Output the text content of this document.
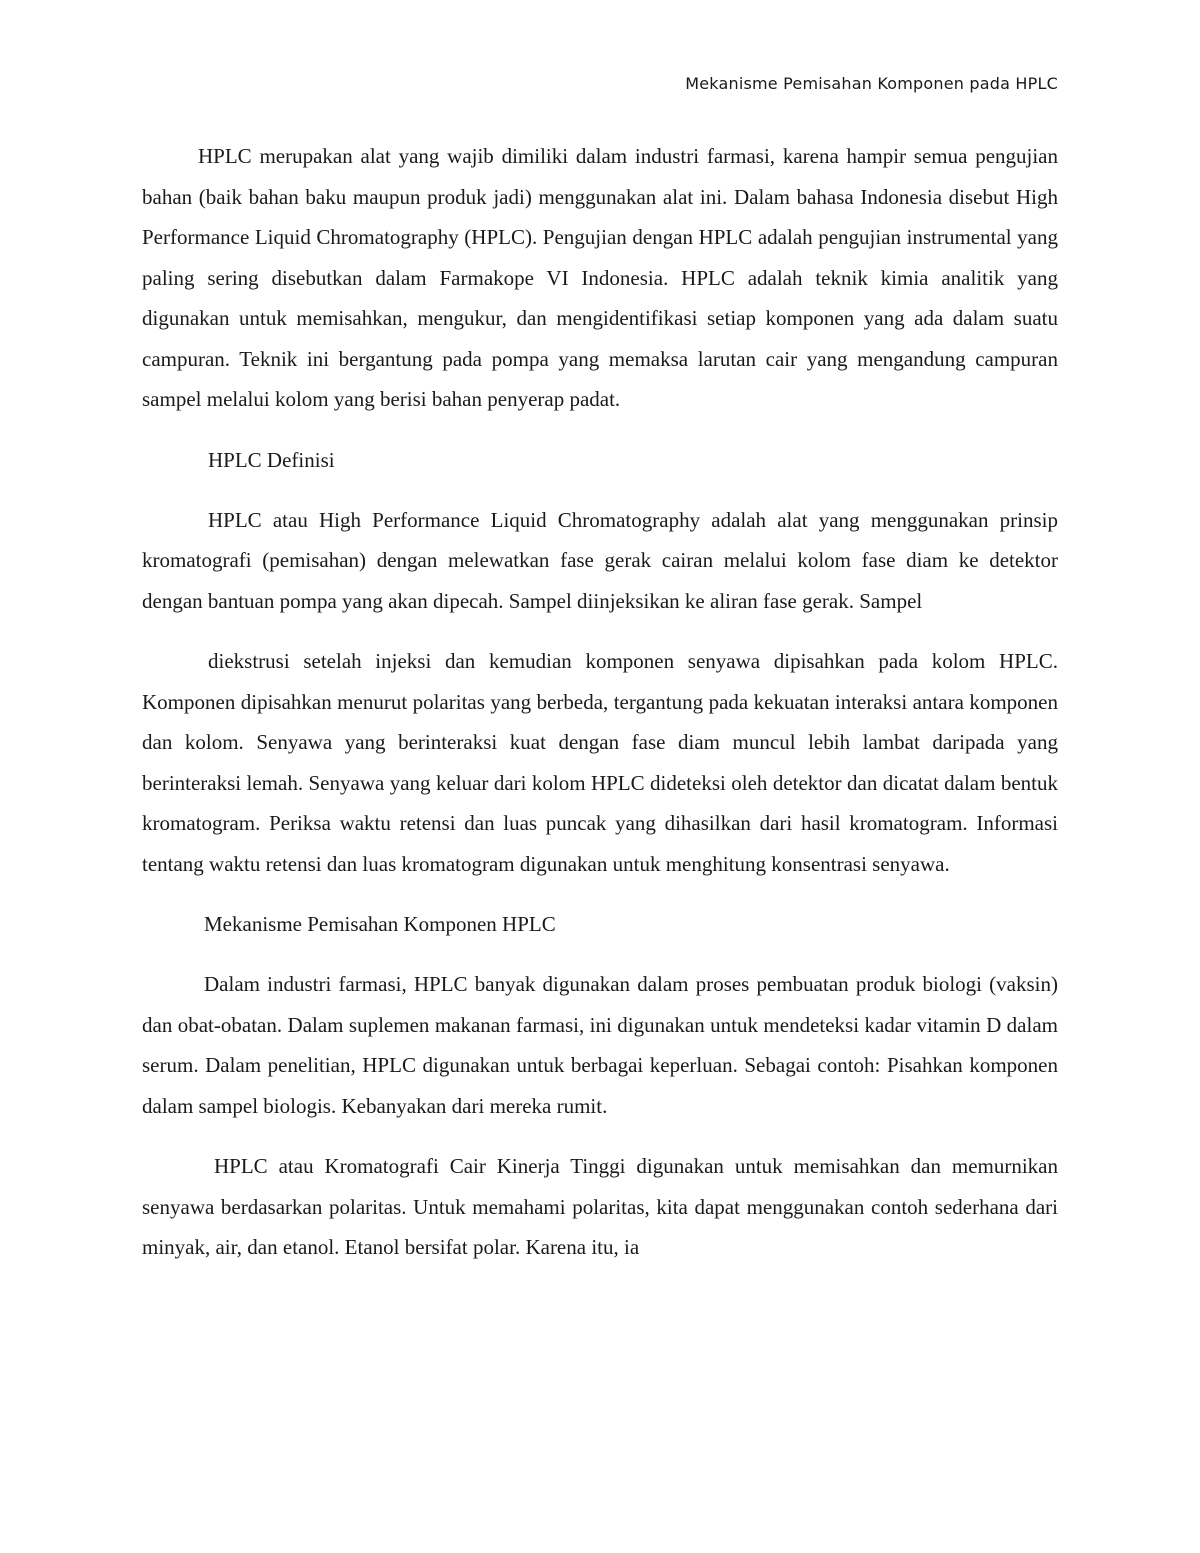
Mekanisme Pemisahan Komponen pada HPLC

HPLC merupakan alat yang wajib dimiliki dalam industri farmasi, karena hampir semua pengujian bahan (baik bahan baku maupun produk jadi) menggunakan alat ini. Dalam bahasa Indonesia disebut High Performance Liquid Chromatography (HPLC). Pengujian dengan HPLC adalah pengujian instrumental yang paling sering disebutkan dalam Farmakope VI Indonesia. HPLC adalah teknik kimia analitik yang digunakan untuk memisahkan, mengukur, dan mengidentifikasi setiap komponen yang ada dalam suatu campuran. Teknik ini bergantung pada pompa yang memaksa larutan cair yang mengandung campuran sampel melalui kolom yang berisi bahan penyerap padat.

HPLC Definisi

HPLC atau High Performance Liquid Chromatography adalah alat yang menggunakan prinsip kromatografi (pemisahan) dengan melewatkan fase gerak cairan melalui kolom fase diam ke detektor dengan bantuan pompa yang akan dipecah. Sampel diinjeksikan ke aliran fase gerak. Sampel

diekstrusi setelah injeksi dan kemudian komponen senyawa dipisahkan pada kolom HPLC. Komponen dipisahkan menurut polaritas yang berbeda, tergantung pada kekuatan interaksi antara komponen dan kolom. Senyawa yang berinteraksi kuat dengan fase diam muncul lebih lambat daripada yang berinteraksi lemah. Senyawa yang keluar dari kolom HPLC dideteksi oleh detektor dan dicatat dalam bentuk kromatogram. Periksa waktu retensi dan luas puncak yang dihasilkan dari hasil kromatogram. Informasi tentang waktu retensi dan luas kromatogram digunakan untuk menghitung konsentrasi senyawa.

Mekanisme Pemisahan Komponen HPLC

Dalam industri farmasi, HPLC banyak digunakan dalam proses pembuatan produk biologi (vaksin) dan obat-obatan. Dalam suplemen makanan farmasi, ini digunakan untuk mendeteksi kadar vitamin D dalam serum. Dalam penelitian, HPLC digunakan untuk berbagai keperluan. Sebagai contoh: Pisahkan komponen dalam sampel biologis. Kebanyakan dari mereka rumit.

HPLC atau Kromatografi Cair Kinerja Tinggi digunakan untuk memisahkan dan memurnikan senyawa berdasarkan polaritas. Untuk memahami polaritas, kita dapat menggunakan contoh sederhana dari minyak, air, dan etanol. Etanol bersifat polar. Karena itu, ia
